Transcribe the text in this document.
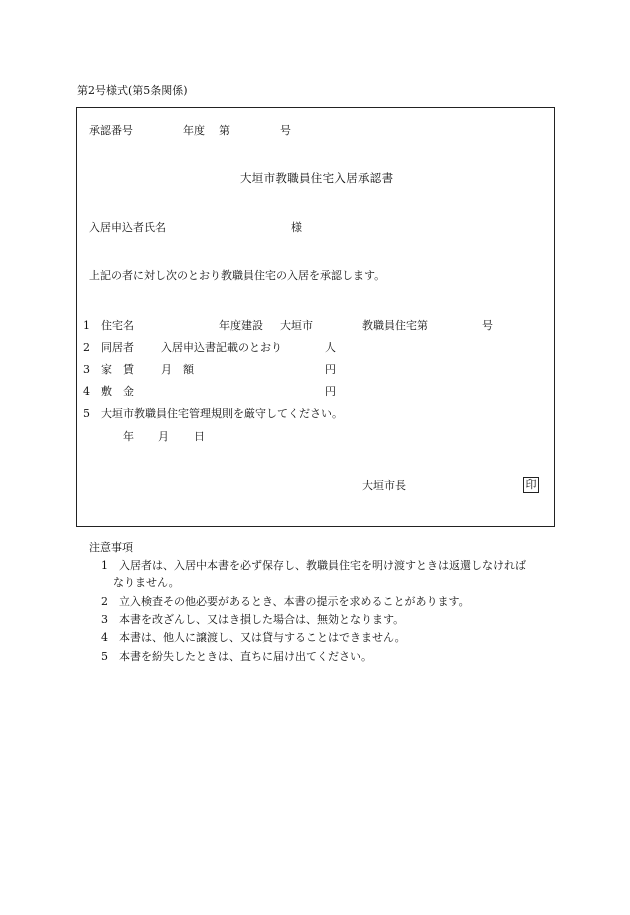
第2号様式(第5条関係)
承認番号	年度 第	号
大垣市教職員住宅入居承認書
入居申込者氏名	様
上記の者に対し次のとおり教職員住宅の入居を承認します。
1 住宅名	年度建設 大垣市	教職員住宅第	号
2 同居者 入居申込書記載のとおり	人
3 家　賃 月　額	円
4 敷　金	円
5 大垣市教職員住宅管理規則を厳守してください。
年 月 日
大垣市長	印
注意事項
1 入居者は、入居中本書を必ず保存し、教職員住宅を明け渡すときは返還しなければ
なりません。
2 立入検査その他必要があるとき、本書の提示を求めることがあります。
3 本書を改ざんし、又はき損した場合は、無効となります。
4 本書は、他人に譲渡し、又は貸与することはできません。
5 本書を紛失したときは、直ちに届け出てください。
